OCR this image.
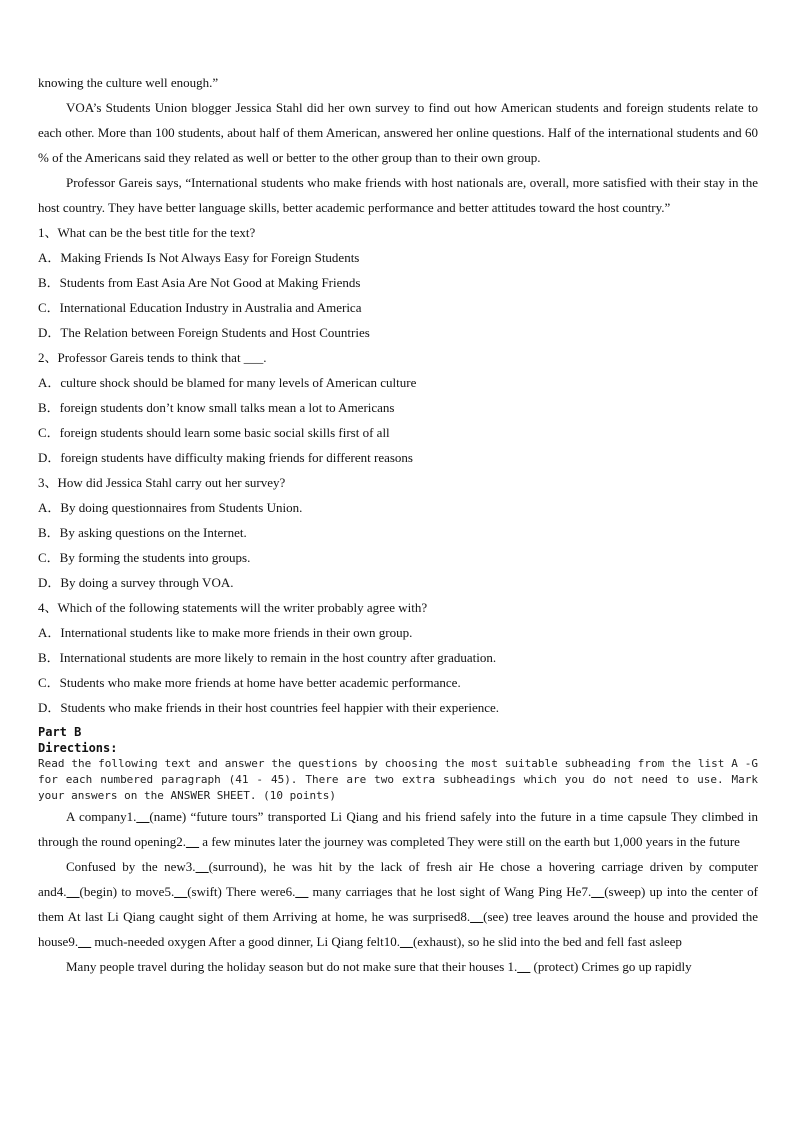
knowing the culture well enough.”

VOA’s Students Union blogger Jessica Stahl did her own survey to find out how American students and foreign students relate to each other. More than 100 students, about half of them American, answered her online questions. Half of the international students and 60 % of the Americans said they related as well or better to the other group than to their own group.

Professor Gareis says, “International students who make friends with host nationals are, overall, more satisfied with their stay in the host country. They have better language skills, better academic performance and better attitudes toward the host country.”

1、What can be the best title for the text?

A．Making Friends Is Not Always Easy for Foreign Students

B．Students from East Asia Are Not Good at Making Friends

C．International Education Industry in Australia and America

D．The Relation between Foreign Students and Host Countries

2、Professor Gareis tends to think that ___.

A．culture shock should be blamed for many levels of American culture

B．foreign students don’t know small talks mean a lot to Americans

C．foreign students should learn some basic social skills first of all

D．foreign students have difficulty making friends for different reasons

3、How did Jessica Stahl carry out her survey?

A．By doing questionnaires from Students Union.

B．By asking questions on the Internet.

C．By forming the students into groups.

D．By doing a survey through VOA.

4、Which of the following statements will the writer probably agree with?

A．International students like to make more friends in their own group.

B．International students are more likely to remain in the host country after graduation.

C．Students who make more friends at home have better academic performance.

D．Students who make friends in their host countries feel happier with their experience.

Part B

Directions:

Read the following text and answer the questions by choosing the most suitable subheading from the list A -G for each numbered paragraph (41 - 45). There are two extra subheadings which you do not need to use. Mark your answers on the ANSWER SHEET. (10 points)

A company1.__(name) “future tours” transported Li Qiang and his friend safely into the future in a time capsule They climbed in through the round opening2.__ a few minutes later the journey was completed They were still on the earth but 1,000 years in the future

Confused by the new3.__(surround), he was hit by the lack of fresh air He chose a hovering carriage driven by computer and4.__(begin) to move5.__(swift) There were6.__ many carriages that he lost sight of Wang Ping He7.__(sweep) up into the center of them At last Li Qiang caught sight of them Arriving at home, he was surprised8.__(see) tree leaves around the house and provided the house9.__ much-needed oxygen After a good dinner, Li Qiang felt10.__(exhaust), so he slid into the bed and fell fast asleep

Many people travel during the holiday season but do not make sure that their houses 1.__ (protect) Crimes go up rapidly
